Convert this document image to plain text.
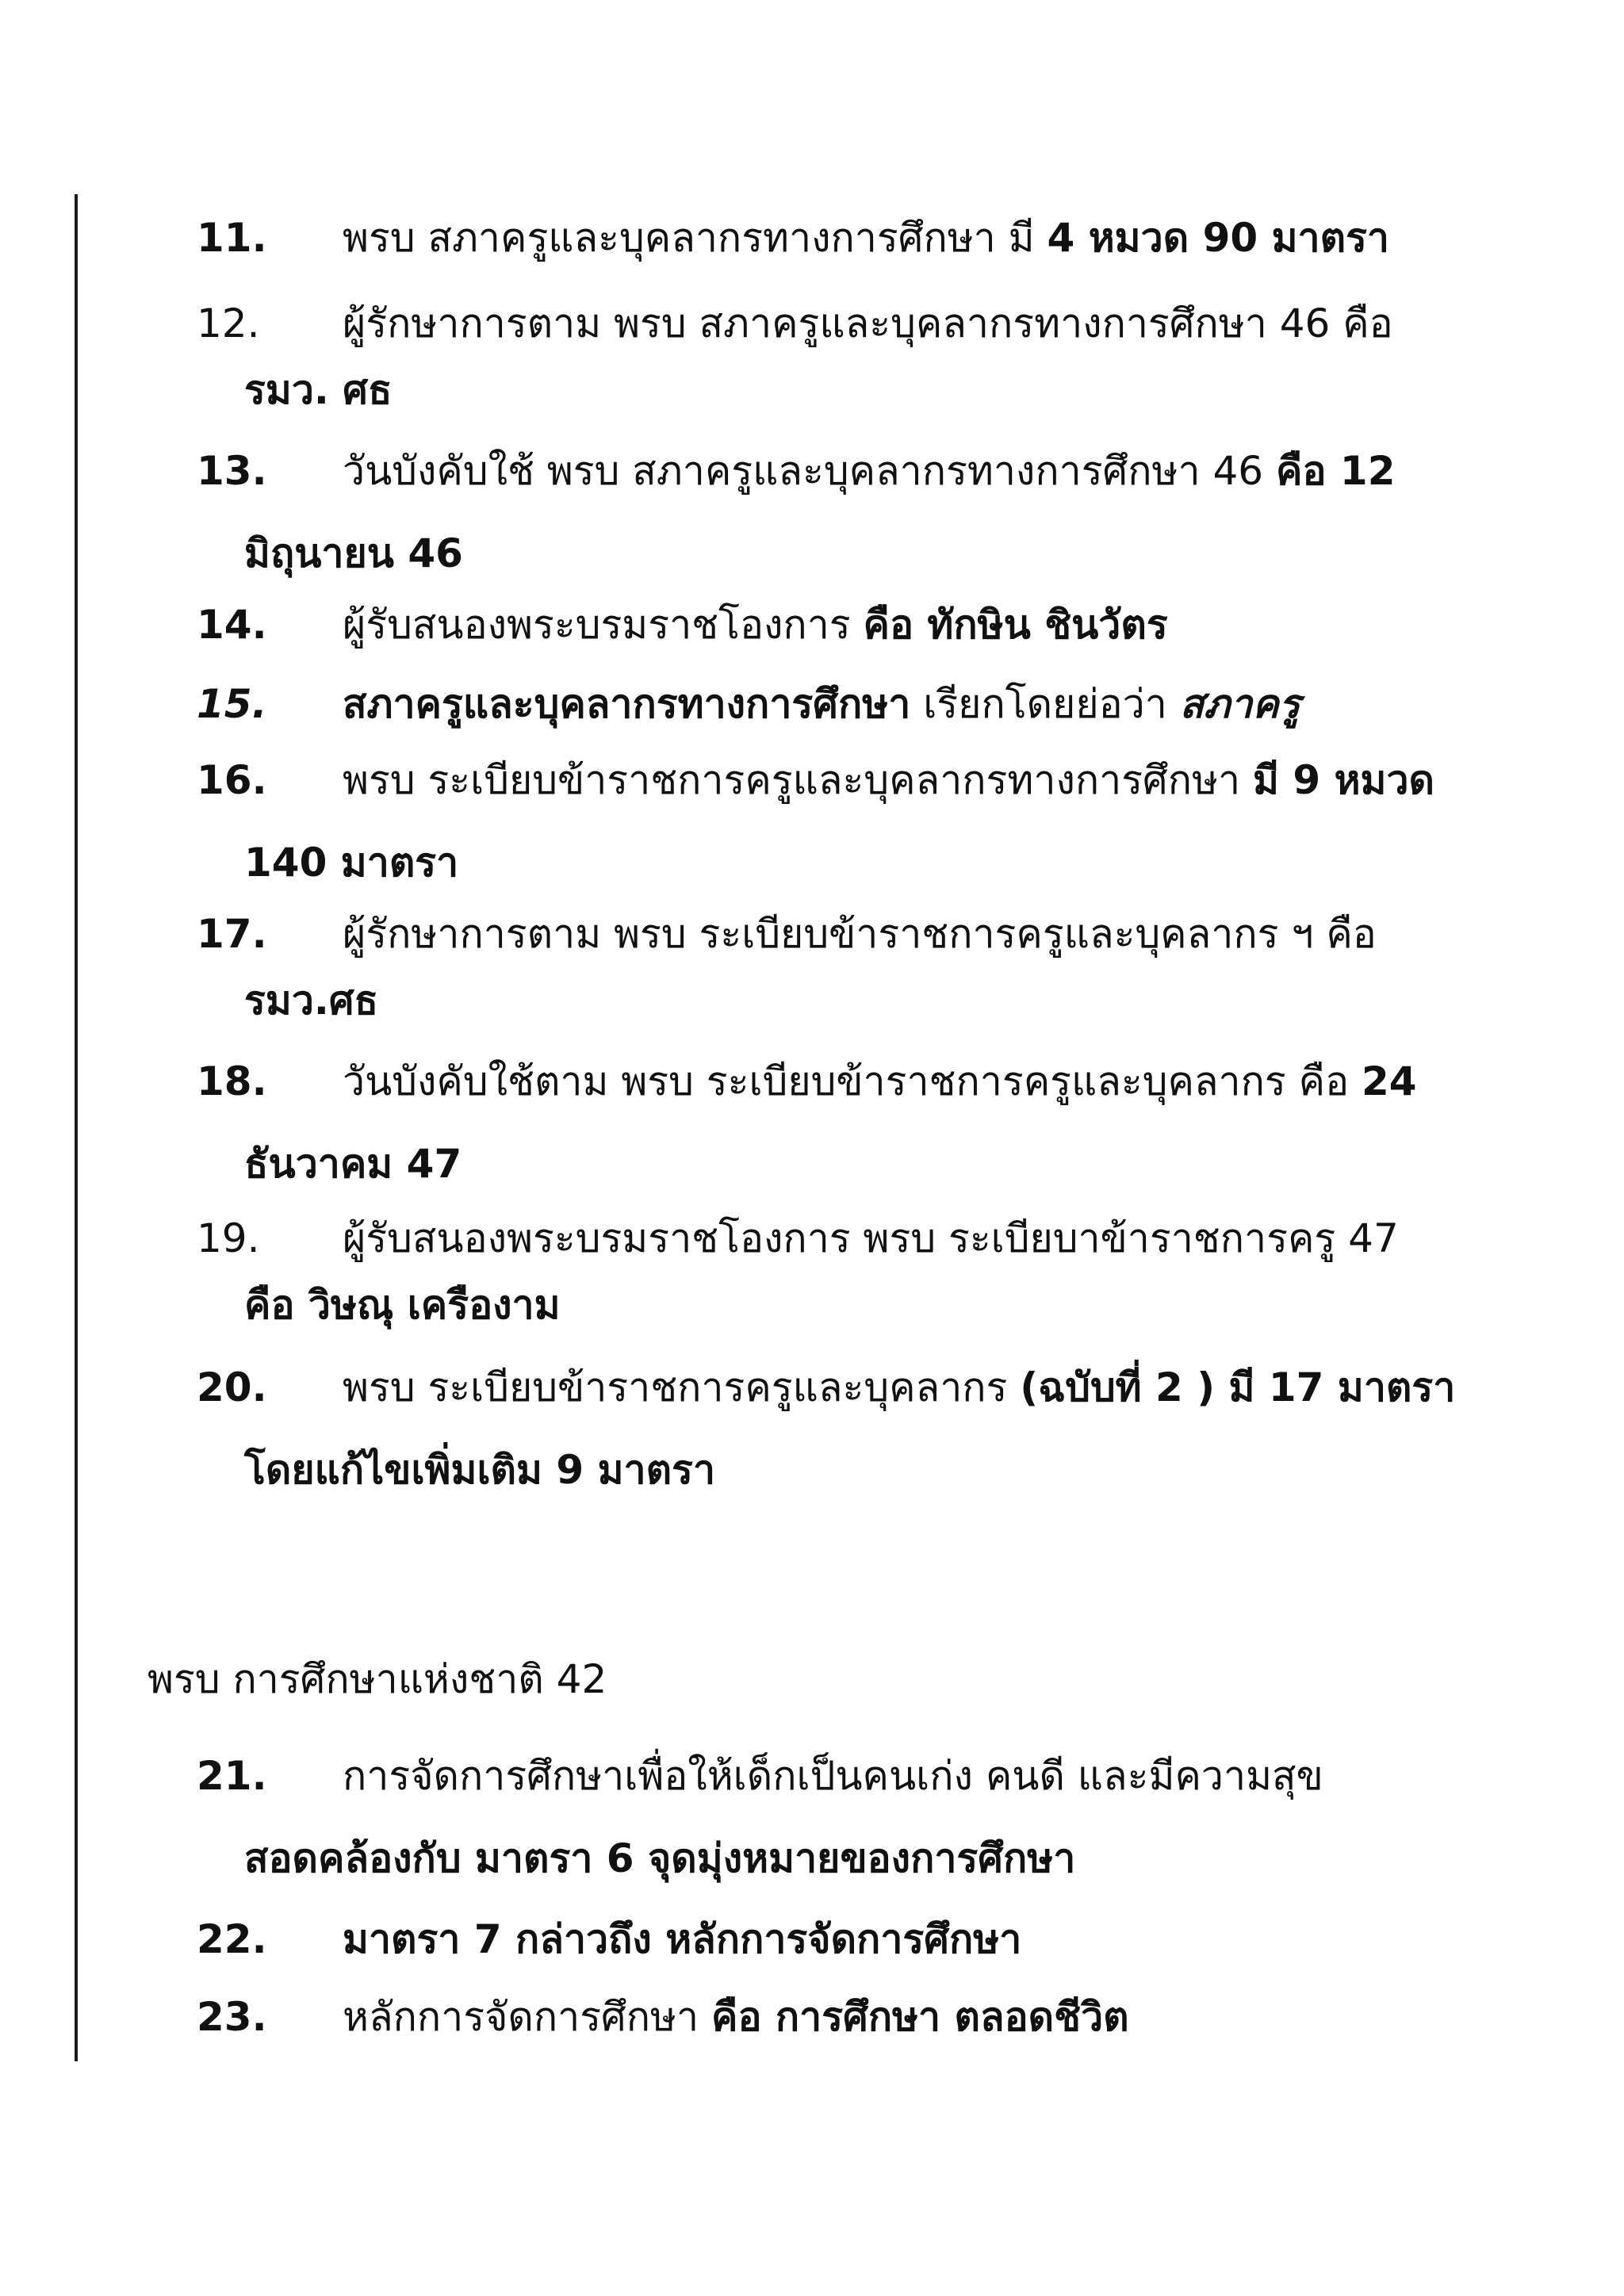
11. พรบ สภาครูและบุคลากรทางการศึกษา มี 4 หมวด 90 มาตรา
12. ผู้รักษาการตาม พรบ สภาครูและบุคลากรทางการศึกษา 46 คือ
รมว. ศธ
13. วันบังคับใช้ พรบ สภาครูและบุคลากรทางการศึกษา 46 คือ 12
มิถุนายน 46
14. ผู้รับสนองพระบรมราชโองการ คือ ทักษิน ชินวัตร
15. สภาครูและบุคลากรทางการศึกษา เรียกโดยย่อว่า สภาครู
16. พรบ ระเบียบข้าราชการครูและบุคลากรทางการศึกษา มี 9 หมวด
140 มาตรา
17. ผู้รักษาการตาม พรบ ระเบียบข้าราชการครูและบุคลากร ฯ คือ
รมว.ศธ
18. วันบังคับใช้ตาม พรบ ระเบียบข้าราชการครูและบุคลากร คือ 24
ธันวาคม 47
19. ผู้รับสนองพระบรมราชโองการ พรบ ระเบียบาข้าราชการครู 47
คือ วิษณุ เครืองาม
20. พรบ ระเบียบข้าราชการครูและบุคลากร (ฉบับที่ 2 ) มี 17 มาตรา
โดยแก้ไขเพิ่มเติม 9 มาตรา
พรบ การศึกษาแห่งชาติ 42
21. การจัดการศึกษาเพื่อให้เด็กเป็นคนเก่ง คนดี และมีความสุข
สอดคล้องกับ มาตรา 6 จุดมุ่งหมายของการศึกษา
22. มาตรา 7 กล่าวถึง หลักการจัดการศึกษา
23. หลักการจัดการศึกษา คือ การศึกษา ตลอดชีวิต
